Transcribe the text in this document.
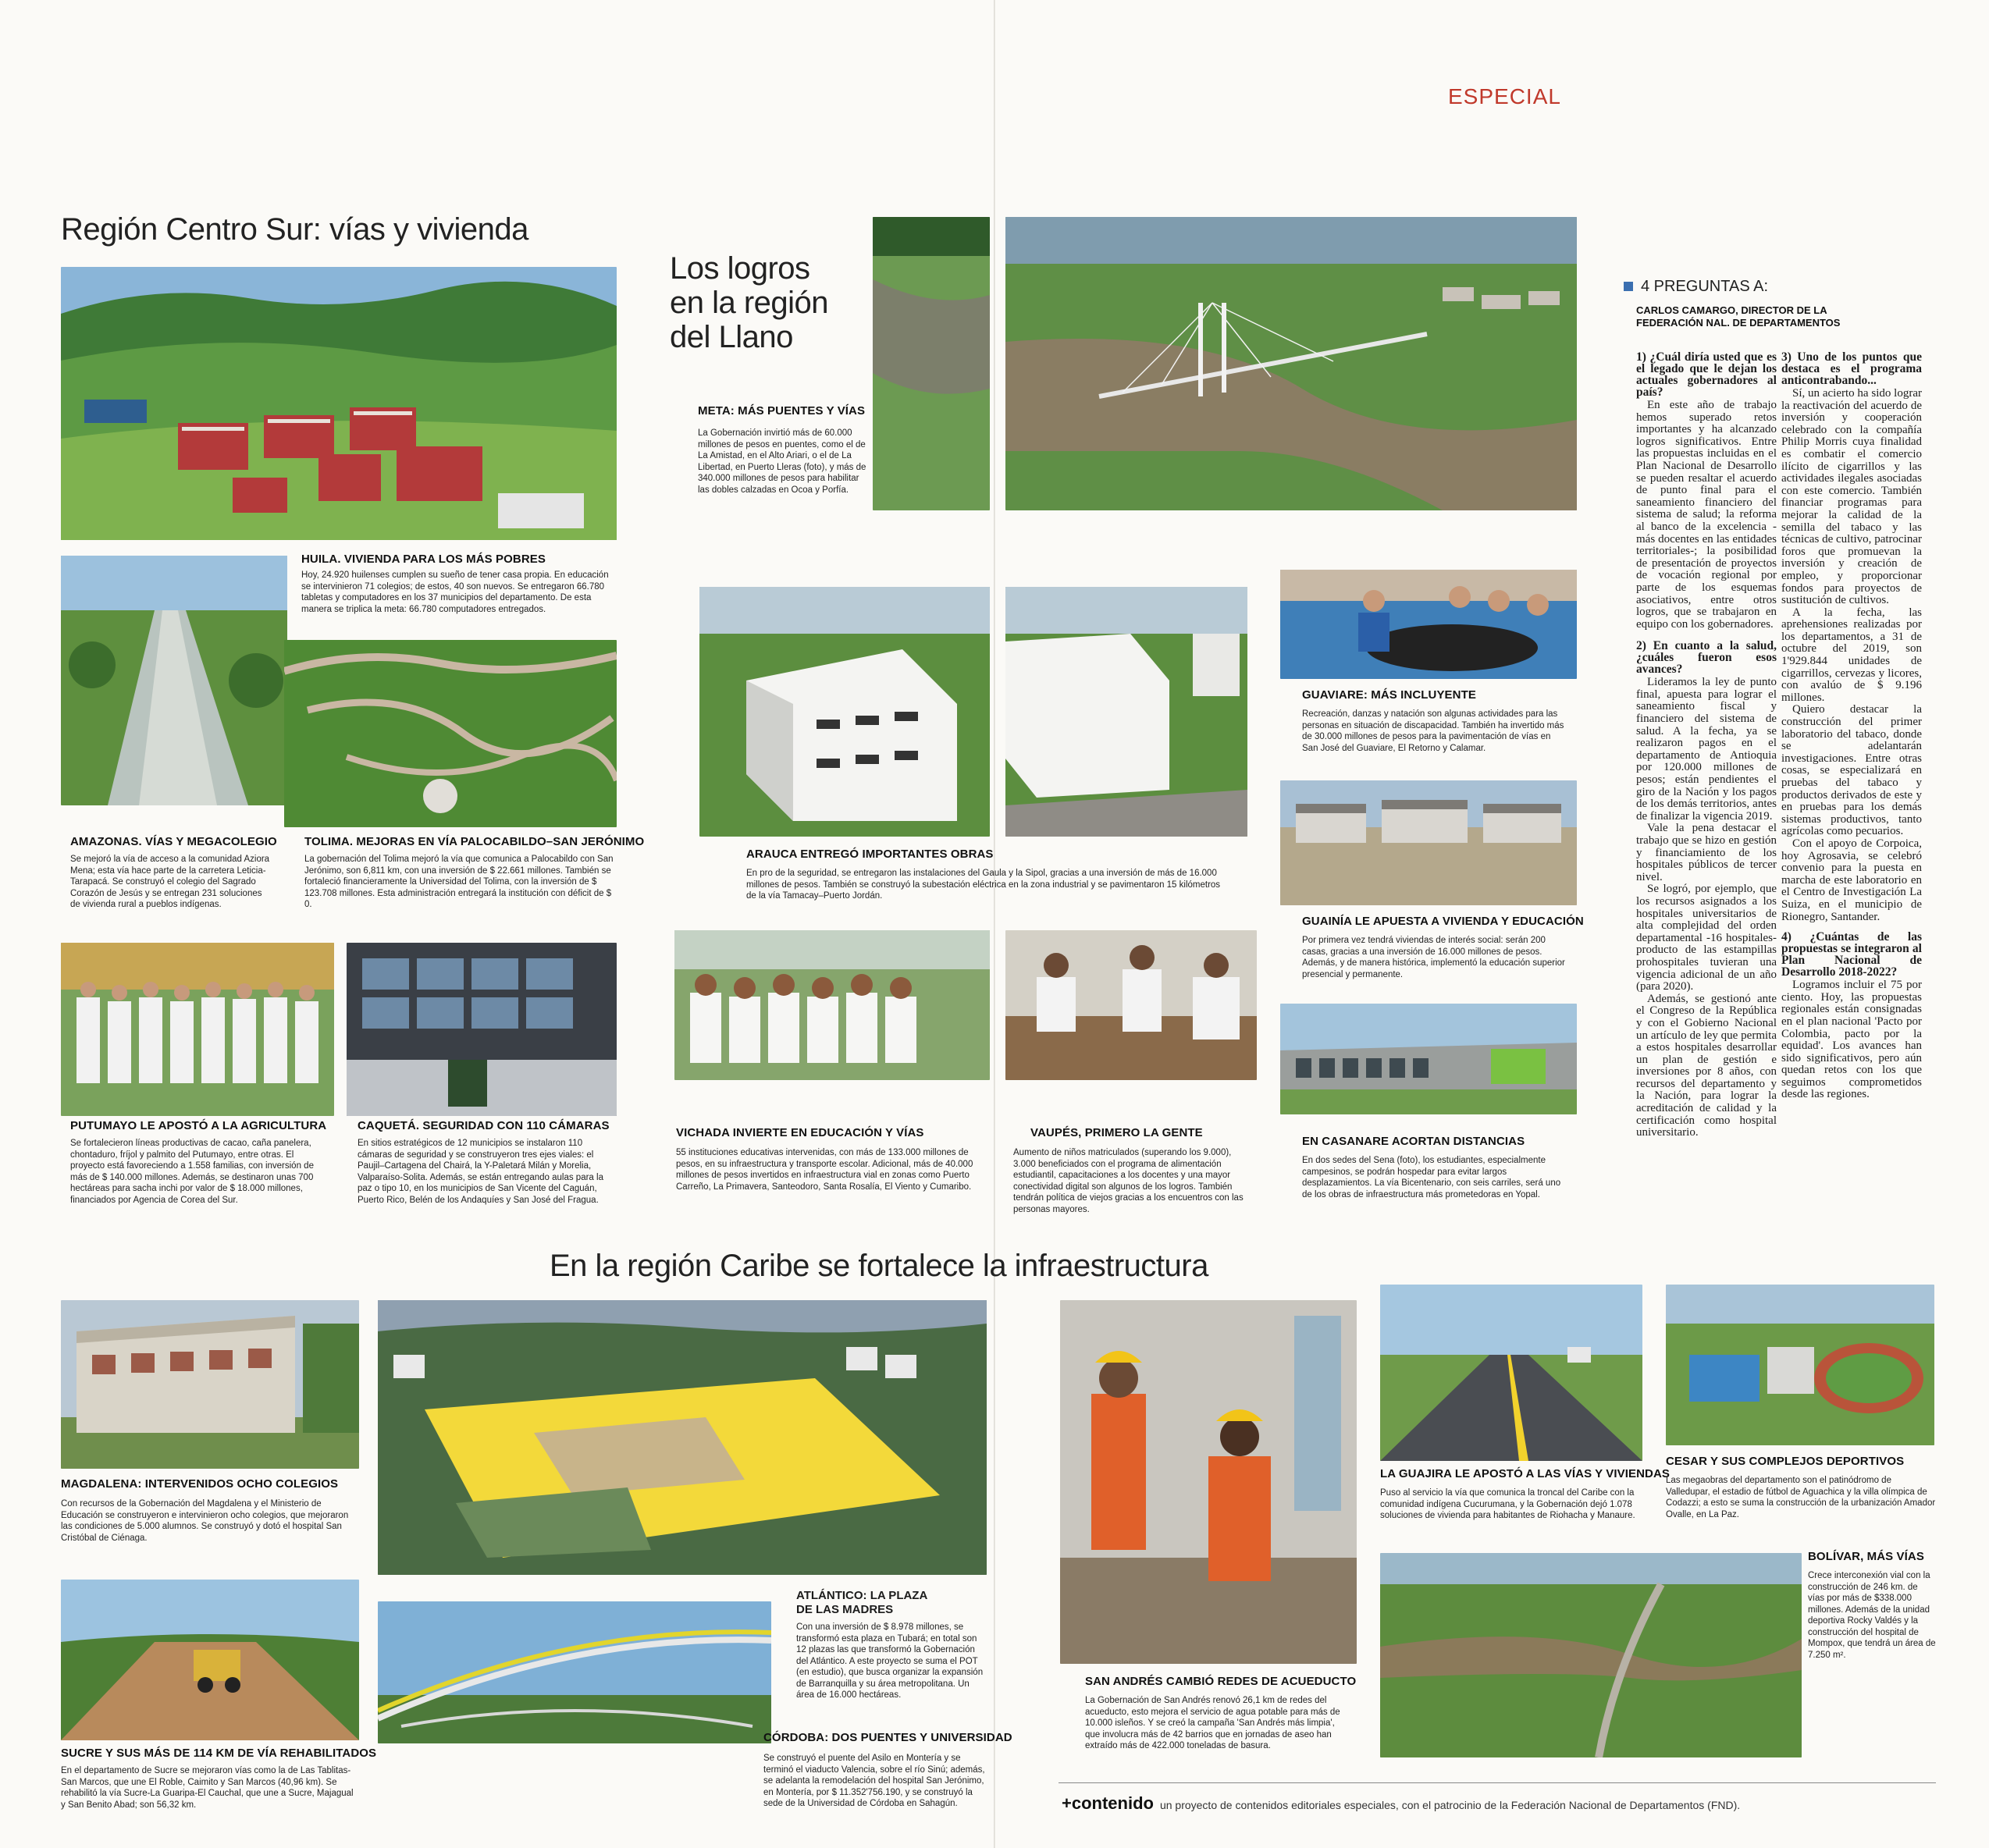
ESPECIAL
Región Centro Sur: vías y vivienda
HUILA. VIVIENDA PARA LOS MÁS POBRES
Hoy, 24.920 huilenses cumplen su sueño de tener casa propia. En educación se intervinieron 71 colegios; de estos, 40 son nuevos. Se entregaron 66.780 tabletas y computadores en los 37 municipios del departamento. De esta manera se triplica la meta: 66.780 computadores entregados.
AMAZONAS. VÍAS Y MEGACOLEGIO
Se mejoró la vía de acceso a la comunidad Aziora Mena; esta vía hace parte de la carretera Leticia-Tarapacá. Se construyó el colegio del Sagrado Corazón de Jesús y se entregan 231 soluciones de vivienda rural a pueblos indígenas.
TOLIMA. MEJORAS EN VÍA PALOCABILDO–SAN JERÓNIMO
La gobernación del Tolima mejoró la vía que comunica a Palocabildo con San Jerónimo, son 6,811 km, con una inversión de $ 22.661 millones. También se fortaleció financieramente la Universidad del Tolima, con la inversión de $ 123.708 millones. Esta administración entregará la institución con déficit de $ 0.
PUTUMAYO LE APOSTÓ A LA AGRICULTURA
Se fortalecieron líneas productivas de cacao, caña panelera, chontaduro, fríjol y palmito del Putumayo, entre otras. El proyecto está favoreciendo a 1.558 familias, con inversión de más de $ 140.000 millones. Además, se destinaron unas 700 hectáreas para sacha inchi por valor de $ 18.000 millones, financiados por Agencia de Corea del Sur.
CAQUETÁ. SEGURIDAD CON 110 CÁMARAS
En sitios estratégicos de 12 municipios se instalaron 110 cámaras de seguridad y se construyeron tres ejes viales: el Paujil–Cartagena del Chairá, la Y-Paletará Milán y Morelia, Valparaíso-Solita. Además, se están entregando aulas para la paz o tipo 10, en los municipios de San Vicente del Caguán, Puerto Rico, Belén de los Andaquíes y San José del Fragua.
Los logros
en la región
del Llano
META: MÁS PUENTES Y VÍAS
La Gobernación invirtió más de 60.000 millones de pesos en puentes, como el de La Amistad, en el Alto Ariari, o el de La Libertad, en Puerto Lleras (foto), y más de 340.000 millones de pesos para habilitar las dobles calzadas en Ocoa y Porfía.
ARAUCA ENTREGÓ IMPORTANTES OBRAS
En pro de la seguridad, se entregaron las instalaciones del Gaula y la Sipol, gracias a una inversión de más de 16.000 millones de pesos. También se construyó la subestación eléctrica en la zona industrial y se pavimentaron 15 kilómetros de la vía Tamacay–Puerto Jordán.
GUAVIARE: MÁS INCLUYENTE
Recreación, danzas y natación son algunas actividades para las personas en situación de discapacidad. También ha invertido más de 30.000 millones de pesos para la pavimentación de vías en San José del Guaviare, El Retorno y Calamar.
GUAINÍA LE APUESTA A VIVIENDA Y EDUCACIÓN
Por primera vez tendrá viviendas de interés social: serán 200 casas, gracias a una inversión de 16.000 millones de pesos. Además, y de manera histórica, implementó la educación superior presencial y permanente.
VICHADA INVIERTE EN EDUCACIÓN Y VÍAS
55 instituciones educativas intervenidas, con más de 133.000 millones de pesos, en su infraestructura y transporte escolar. Adicional, más de 40.000 millones de pesos invertidos en infraestructura vial en zonas como Puerto Carreño, La Primavera, Santeodoro, Santa Rosalía, El Viento y Cumaribo.
VAUPÉS, PRIMERO LA GENTE
Aumento de niños matriculados (superando los 9.000), 3.000 beneficiados con el programa de alimentación estudiantil, capacitaciones a los docentes y una mayor conectividad digital son algunos de los logros. También tendrán política de viejos gracias a los encuentros con las personas mayores.
EN CASANARE ACORTAN DISTANCIAS
En dos sedes del Sena (foto), los estudiantes, especialmente campesinos, se podrán hospedar para evitar largos desplazamientos. La vía Bicentenario, con seis carriles, será uno de los obras de infraestructura más prometedoras en Yopal.
4 PREGUNTAS A:
CARLOS CAMARGO, DIRECTOR DE LA
FEDERACIÓN NAL. DE DEPARTAMENTOS
1) ¿Cuál diría usted que es el legado que le dejan los actuales gobernadores al país?

En este año de trabajo hemos superado retos importantes y ha alcanzado logros significativos. Entre las propuestas incluidas en el Plan Nacional de Desarrollo se pueden resaltar el acuerdo de punto final para el saneamiento financiero del sistema de salud; la reforma al banco de la excelencia -más docentes en las entidades territoriales-; la posibilidad de presentación de proyectos de vocación regional por parte de los esquemas asociativos, entre otros logros, que se trabajaron en equipo con los gobernadores.

2) En cuanto a la salud, ¿cuáles fueron esos avances?

Lideramos la ley de punto final, apuesta para lograr el saneamiento fiscal y financiero del sistema de salud. A la fecha, ya se realizaron pagos en el departamento de Antioquia por 120.000 millones de pesos; están pendientes el giro de la Nación y los pagos de los demás territorios, antes de finalizar la vigencia 2019.

Vale la pena destacar el trabajo que se hizo en gestión y financiamiento de los hospitales públicos de tercer nivel.

Se logró, por ejemplo, que los recursos asignados a los hospitales universitarios de alta complejidad del orden departamental -16 hospitales- producto de las estampillas prohospitales tuvieran una vigencia adicional de un año (para 2020).

Además, se gestionó ante el Congreso de la República y con el Gobierno Nacional un artículo de ley que permita a estos hospitales desarrollar un plan de gestión e inversiones por 8 años, con recursos del departamento y la Nación, para lograr la acreditación de calidad y la certificación como hospital universitario.

3) Uno de los puntos que destaca es el programa anticontrabando...

Sí, un acierto ha sido lograr la reactivación del acuerdo de inversión y cooperación celebrado con la compañía Philip Morris cuya finalidad es combatir el comercio ilícito de cigarrillos y las actividades ilegales asociadas con este comercio. También financiar programas para mejorar la calidad de la semilla del tabaco y las técnicas de cultivo, patrocinar foros que promuevan la inversión y creación de empleo, y proporcionar fondos para proyectos de sustitución de cultivos.

A la fecha, las aprehensiones realizadas por los departamentos, a 31 de octubre del 2019, son 1'929.844 unidades de cigarrillos, cervezas y licores, con avalúo de $ 9.196 millones.

Quiero destacar la construcción del primer laboratorio del tabaco, donde se adelantarán investigaciones. Entre otras cosas, se especializará en pruebas del tabaco y productos derivados de este y en pruebas para los demás sistemas productivos, tanto agrícolas como pecuarios.

Con el apoyo de Corpoica, hoy Agrosavia, se celebró convenio para la puesta en marcha de este laboratorio en el Centro de Investigación La Suiza, en el municipio de Rionegro, Santander.

4) ¿Cuántas de las propuestas se integraron al Plan Nacional de Desarrollo 2018-2022?

Logramos incluir el 75 por ciento. Hoy, las propuestas regionales están consignadas en el plan nacional 'Pacto por Colombia, pacto por la equidad'. Los avances han sido significativos, pero aún quedan retos con los que seguimos comprometidos desde las regiones.

En la región Caribe se fortalece la infraestructura
MAGDALENA: INTERVENIDOS OCHO COLEGIOS
Con recursos de la Gobernación del Magdalena y el Ministerio de Educación se construyeron e intervinieron ocho colegios, que mejoraron las condiciones de 5.000 alumnos. Se construyó y dotó el hospital San Cristóbal de Ciénaga.
SUCRE Y SUS MÁS DE 114 KM DE VÍA REHABILITADOS
En el departamento de Sucre se mejoraron vías como la de Las Tablitas-San Marcos, que une El Roble, Caimito y San Marcos (40,96 km). Se rehabilitó la vía Sucre-La Guaripa-El Cauchal, que une a Sucre, Majagual y San Benito Abad; son 56,32 km.
ATLÁNTICO: LA PLAZA
DE LAS MADRES
Con una inversión de $ 8.978 millones, se transformó esta plaza en Tubará; en total son 12 plazas las que transformó la Gobernación del Atlántico. A este proyecto se suma el POT (en estudio), que busca organizar la expansión de Barranquilla y su área metropolitana. Un área de 16.000 hectáreas.
CÓRDOBA: DOS PUENTES Y UNIVERSIDAD
Se construyó el puente del Asilo en Montería y se terminó el viaducto Valencia, sobre el río Sinú; además, se adelanta la remodelación del hospital San Jerónimo, en Montería, por $ 11.352'756.190, y se construyó la sede de la Universidad de Córdoba en Sahagún.
SAN ANDRÉS CAMBIÓ REDES DE ACUEDUCTO
La Gobernación de San Andrés renovó 26,1 km de redes del acueducto, esto mejora el servicio de agua potable para más de 10.000 isleños. Y se creó la campaña 'San Andrés más limpia', que involucra más de 42 barrios que en jornadas de aseo han extraído más de 422.000 toneladas de basura.
LA GUAJIRA LE APOSTÓ A LAS VÍAS Y VIVIENDAS
Puso al servicio la vía que comunica la troncal del Caribe con la comunidad indígena Cucurumana, y la Gobernación dejó 1.078 soluciones de vivienda para habitantes de Riohacha y Manaure.
CESAR Y SUS COMPLEJOS DEPORTIVOS
Las megaobras del departamento son el patinódromo de Valledupar, el estadio de fútbol de Aguachica y la villa olímpica de Codazzi; a esto se suma la construcción de la urbanización Amador Ovalle, en La Paz.
BOLÍVAR, MÁS VÍAS
Crece interconexión vial con la construcción de 246 km. de vías por más de $338.000 millones. Además de la unidad deportiva Rocky Valdés y la construcción del hospital de Mompox, que tendrá un área de 7.250 m².
+contenido un proyecto de contenidos editoriales especiales, con el patrocinio de la Federación Nacional de Departamentos (FND).
